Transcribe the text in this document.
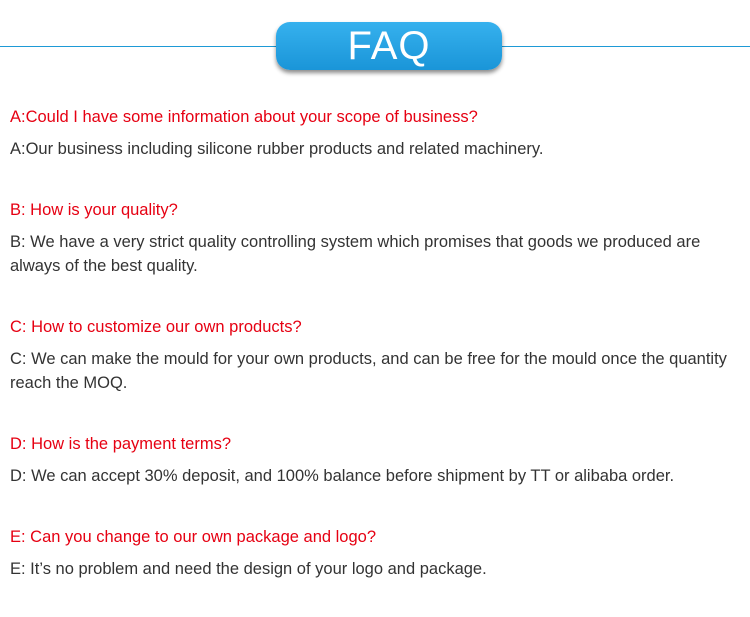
FAQ

A:Could I have some information about your scope of business?

A:Our business including silicone rubber products and related machinery.

B: How is your quality?

B: We have a very strict quality controlling system which promises that goods we produced are always of the best quality.

C: How to customize our own products?

C: We can make the mould for your own products, and can be free for the mould once the quantity reach the MOQ.

D: How is the payment terms?

D: We can accept 30% deposit, and 100% balance before shipment by TT or alibaba order.

E: Can you change to our own package and logo?

E: It’s no problem and need the design of your logo and package.
